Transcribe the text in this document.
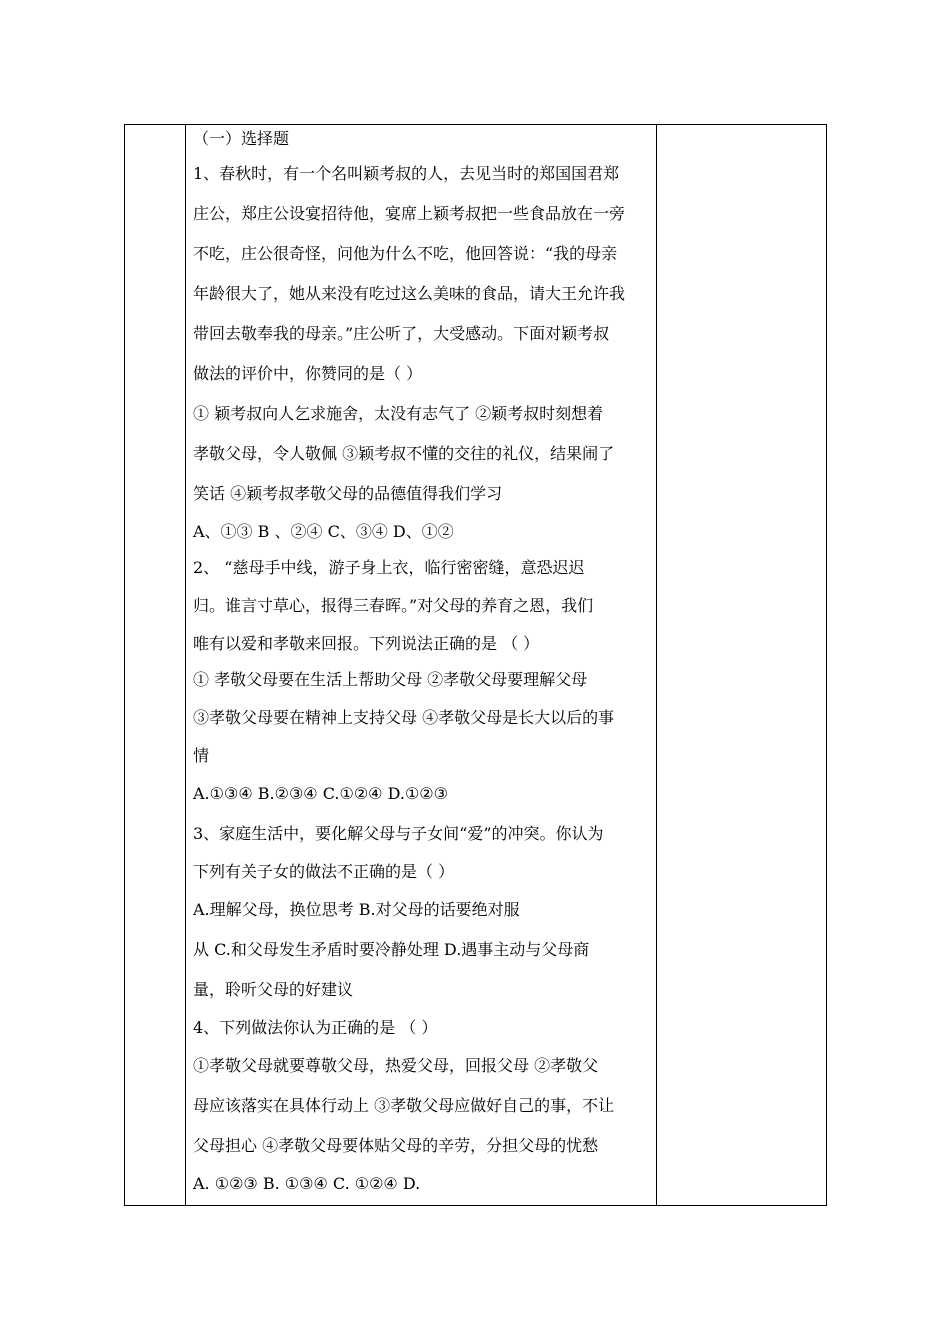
（一）选择题
1、春秋时，有一个名叫颖考叔的人，去见当时的郑国国君郑
庄公，郑庄公设宴招待他，宴席上颖考叔把一些食品放在一旁
不吃，庄公很奇怪，问他为什么不吃，他回答说：“我的母亲
年龄很大了，她从来没有吃过这么美味的食品，请大王允许我
带回去敬奉我的母亲。”庄公听了，大受感动。下面对颖考叔
做法的评价中，你赞同的是（ ）
① 颖考叔向人乞求施舍，太没有志气了 ②颖考叔时刻想着
孝敬父母，令人敬佩 ③颖考叔不懂的交往的礼仪，结果闹了
笑话 ④颖考叔孝敬父母的品德值得我们学习
A、①③ B 、②④ C、③④ D、①②
2、 “慈母手中线，游子身上衣，临行密密缝，意恐迟迟
归。谁言寸草心，报得三春晖。”对父母的养育之恩，我们
唯有以爱和孝敬来回报。下列说法正确的是 （ ）
① 孝敬父母要在生活上帮助父母 ②孝敬父母要理解父母
③孝敬父母要在精神上支持父母 ④孝敬父母是长大以后的事
情
A.①③④ B.②③④ C.①②④ D.①②③
3、家庭生活中，要化解父母与子女间“爱”的冲突。你认为
下列有关子女的做法不正确的是（ ）
A.理解父母，换位思考 B.对父母的话要绝对服
从 C.和父母发生矛盾时要冷静处理 D.遇事主动与父母商
量，聆听父母的好建议
4、下列做法你认为正确的是 （ ）
①孝敬父母就要尊敬父母，热爱父母，回报父母 ②孝敬父
母应该落实在具体行动上 ③孝敬父母应做好自己的事，不让
父母担心 ④孝敬父母要体贴父母的辛劳，分担父母的忧愁
A. ①②③ B. ①③④ C. ①②④ D.
